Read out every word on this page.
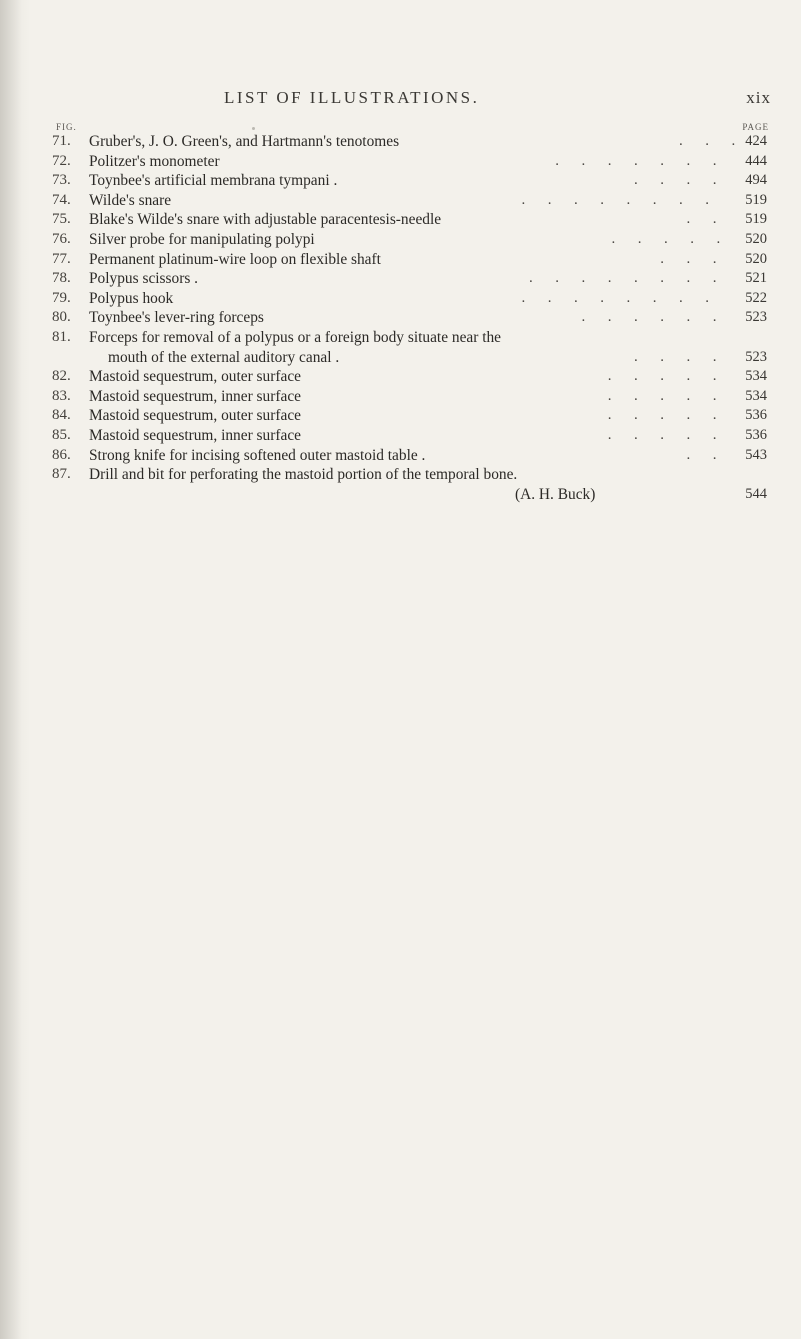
LIST OF ILLUSTRATIONS.	xix
FIG.	PAGE
71.	Gruber's, J. O. Green's, and Hartmann's tenotomes	.      .      . 424
72.	Politzer's monometer	.      .      .      .      .      .      . 444
73.	Toynbee's artificial membrana tympani .	.      .      .      . 494
74.	Wilde's snare	.      .      .      .      .      .      .      . 519
75.	Blake's Wilde's snare with adjustable paracentesis-needle	.      . 519
76.	Silver probe for manipulating polypi	.      .      .      .      . 520
77.	Permanent platinum-wire loop on flexible shaft	.      .      . 520
78.	Polypus scissors .	.      .      .      .      .      .      .      . 521
79.	Polypus hook	.      .      .      .      .      .      .      . 522
80.	Toynbee's lever-ring forceps	.      .      .      .      .      . 523
81.	Forceps for removal of a polypus or a foreign body situate near the
mouth of the external auditory canal .	.      .      .      . 523
82.	Mastoid sequestrum, outer surface	.      .      .      .      . 534
83.	Mastoid sequestrum, inner surface	.      .      .      .      . 534
84.	Mastoid sequestrum, outer surface	.      .      .      .      . 536
85.	Mastoid sequestrum, inner surface	.      .      .      .      . 536
86.	Strong knife for incising softened outer mastoid table .	.      . 543
87.	Drill and bit for perforating the mastoid portion of the temporal bone.
(A. H. Buck)	544
